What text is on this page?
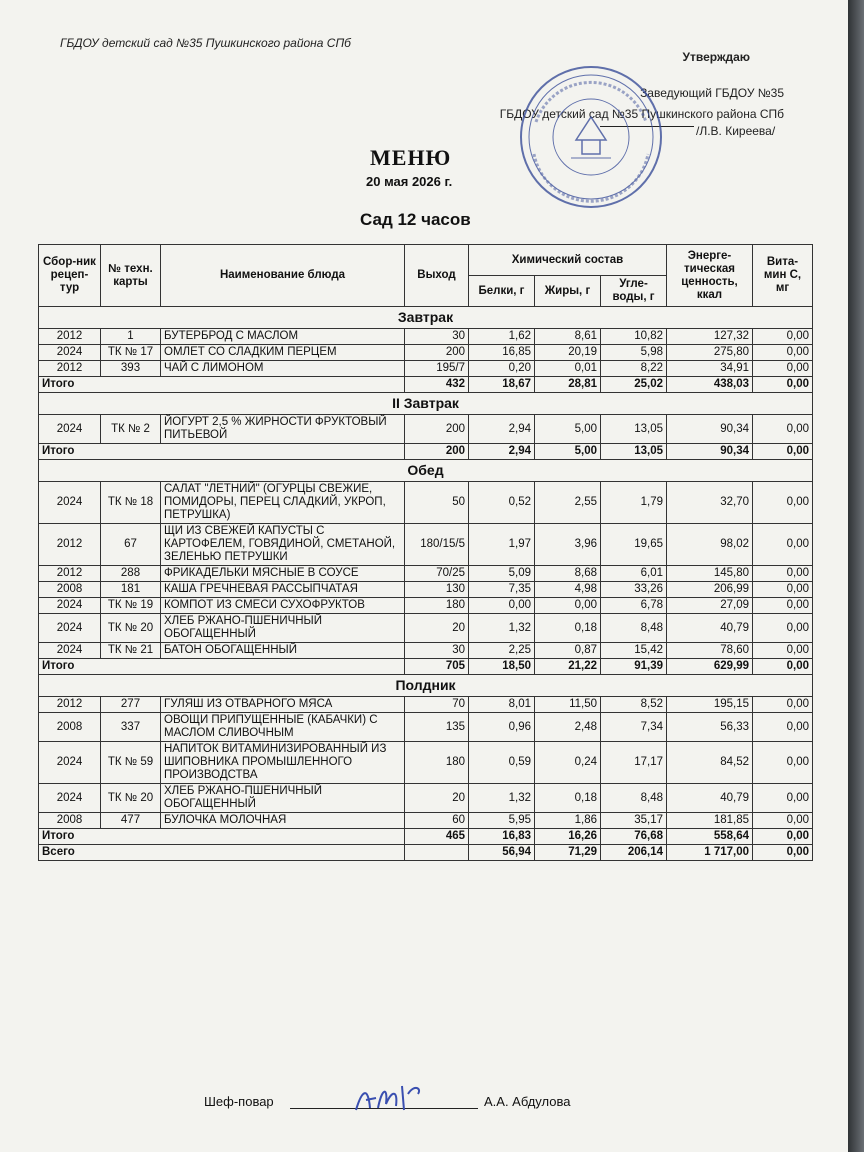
ГБДОУ детский сад №35 Пушкинского района СПб
Утверждаю
Заведующий ГБДОУ №35
ГБДОУ детский сад №35 Пушкинского района СПб
/Л.В. Киреева/
МЕНЮ
20 мая 2026 г.
Сад 12 часов
Сбор-ник рецеп-тур	№ техн. карты	Наименование блюда	Выход	Химический состав			Энерге-тическая ценность, ккал	Вита-мин С, мг
				Белки, г	Жиры, г	Угле-воды, г		
Завтрак								
2012	1	БУТЕРБРОД С МАСЛОМ	30	1,62	8,61	10,82	127,32	0,00
2024	ТК № 17	ОМЛЕТ СО СЛАДКИМ ПЕРЦЕМ	200	16,85	20,19	5,98	275,80	0,00
2012	393	ЧАЙ С ЛИМОНОМ	195/7	0,20	0,01	8,22	34,91	0,00
Итого			432	18,67	28,81	25,02	438,03	0,00
II Завтрак								
2024	ТК № 2	ЙОГУРТ 2,5 % ЖИРНОСТИ ФРУКТОВЫЙ ПИТЬЕВОЙ	200	2,94	5,00	13,05	90,34	0,00
Итого			200	2,94	5,00	13,05	90,34	0,00
Обед								
2024	ТК № 18	САЛАТ "ЛЕТНИЙ" (ОГУРЦЫ СВЕЖИЕ, ПОМИДОРЫ, ПЕРЕЦ СЛАДКИЙ, УКРОП, ПЕТРУШКА)	50	0,52	2,55	1,79	32,70	0,00
2012	67	ЩИ ИЗ СВЕЖЕЙ КАПУСТЫ С КАРТОФЕЛЕМ, ГОВЯДИНОЙ, СМЕТАНОЙ, ЗЕЛЕНЬЮ ПЕТРУШКИ	180/15/5	1,97	3,96	19,65	98,02	0,00
2012	288	ФРИКАДЕЛЬКИ МЯСНЫЕ В СОУСЕ	70/25	5,09	8,68	6,01	145,80	0,00
2008	181	КАША ГРЕЧНЕВАЯ РАССЫПЧАТАЯ	130	7,35	4,98	33,26	206,99	0,00
2024	ТК № 19	КОМПОТ ИЗ СМЕСИ СУХОФРУКТОВ	180	0,00	0,00	6,78	27,09	0,00
2024	ТК № 20	ХЛЕБ РЖАНО-ПШЕНИЧНЫЙ ОБОГАЩЕННЫЙ	20	1,32	0,18	8,48	40,79	0,00
2024	ТК № 21	БАТОН ОБОГАЩЕННЫЙ	30	2,25	0,87	15,42	78,60	0,00
Итого			705	18,50	21,22	91,39	629,99	0,00
Полдник								
2012	277	ГУЛЯШ ИЗ ОТВАРНОГО МЯСА	70	8,01	11,50	8,52	195,15	0,00
2008	337	ОВОЩИ ПРИПУЩЕННЫЕ (КАБАЧКИ) С МАСЛОМ СЛИВОЧНЫМ	135	0,96	2,48	7,34	56,33	0,00
2024	ТК № 59	НАПИТОК ВИТАМИНИЗИРОВАННЫЙ ИЗ ШИПОВНИКА ПРОМЫШЛЕННОГО ПРОИЗВОДСТВА	180	0,59	0,24	17,17	84,52	0,00
2024	ТК № 20	ХЛЕБ РЖАНО-ПШЕНИЧНЫЙ ОБОГАЩЕННЫЙ	20	1,32	0,18	8,48	40,79	0,00
2008	477	БУЛОЧКА МОЛОЧНАЯ	60	5,95	1,86	35,17	181,85	0,00
Итого			465	16,83	16,26	76,68	558,64	0,00
Всего				56,94	71,29	206,14	1 717,00	0,00
Шеф-повар	А.А. Абдулова
